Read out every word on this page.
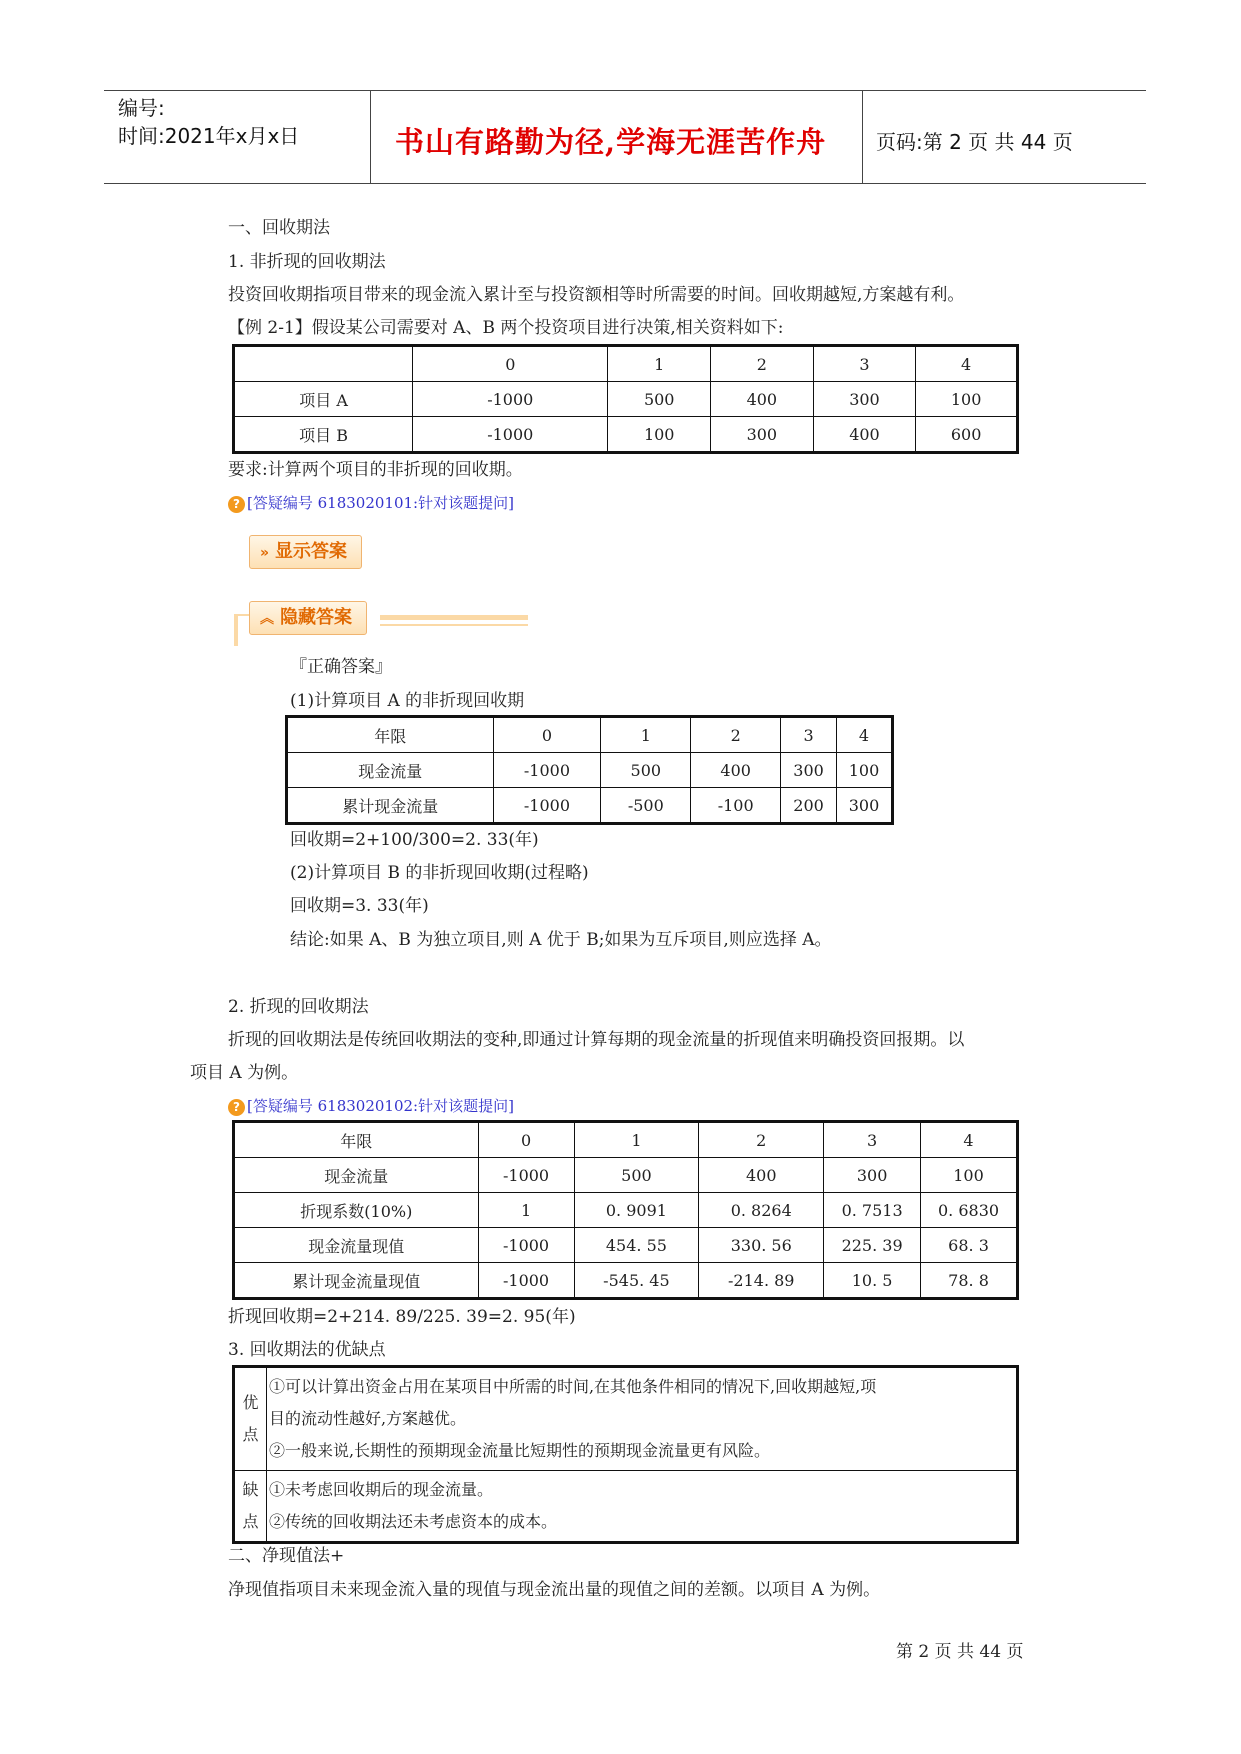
编号:
时间:2021年x月x日	书山有路勤为径,学海无涯苦作舟 页码:第 2 页 共 44 页
一、回收期法
1. 非折现的回收期法
投资回收期指项目带来的现金流入累计至与投资额相等时所需要的时间。回收期越短,方案越有利。
【例 2-1】假设某公司需要对 A、B 两个投资项目进行决策,相关资料如下:
	0	1	2	3	4
项目 A	-1000	500	400	300	100
项目 B	-1000	100	300	400	600
要求:计算两个项目的非折现的回收期。
? [答疑编号 6183020101:针对该题提问]
» 显示答案
︽ 隐藏答案
『正确答案』
(1)计算项目 A 的非折现回收期
年限	0	1	2	3	4
现金流量	-1000	500	400	300	100
累计现金流量	-1000	-500	-100	200	300
回收期=2+100/300=2. 33(年)
(2)计算项目 B 的非折现回收期(过程略)
回收期=3. 33(年)
结论:如果 A、B 为独立项目,则 A 优于 B;如果为互斥项目,则应选择 A。
2. 折现的回收期法
折现的回收期法是传统回收期法的变种,即通过计算每期的现金流量的折现值来明确投资回报期。以
项目 A 为例。
? [答疑编号 6183020102:针对该题提问]
年限	0	1	2	3	4
现金流量	-1000	500	400	300	100
折现系数(10%)	1	0. 9091	0. 8264	0. 7513	0. 6830
现金流量现值	-1000	454. 55	330. 56	225. 39	68. 3
累计现金流量现值	-1000	-545. 45	-214. 89	10. 5	78. 8
折现回收期=2+214. 89/225. 39=2. 95(年)
3. 回收期法的优缺点
优点	①可以计算出资金占用在某项目中所需的时间,在其他条件相同的情况下,回收期越短,项
目的流动性越好,方案越优。
②一般来说,长期性的预期现金流量比短期性的预期现金流量更有风险。

缺点	①未考虑回收期后的现金流量。
②传统的回收期法还未考虑资本的成本。
二、净现值法+
净现值指项目未来现金流入量的现值与现金流出量的现值之间的差额。以项目 A 为例。
第 2 页 共 44 页
